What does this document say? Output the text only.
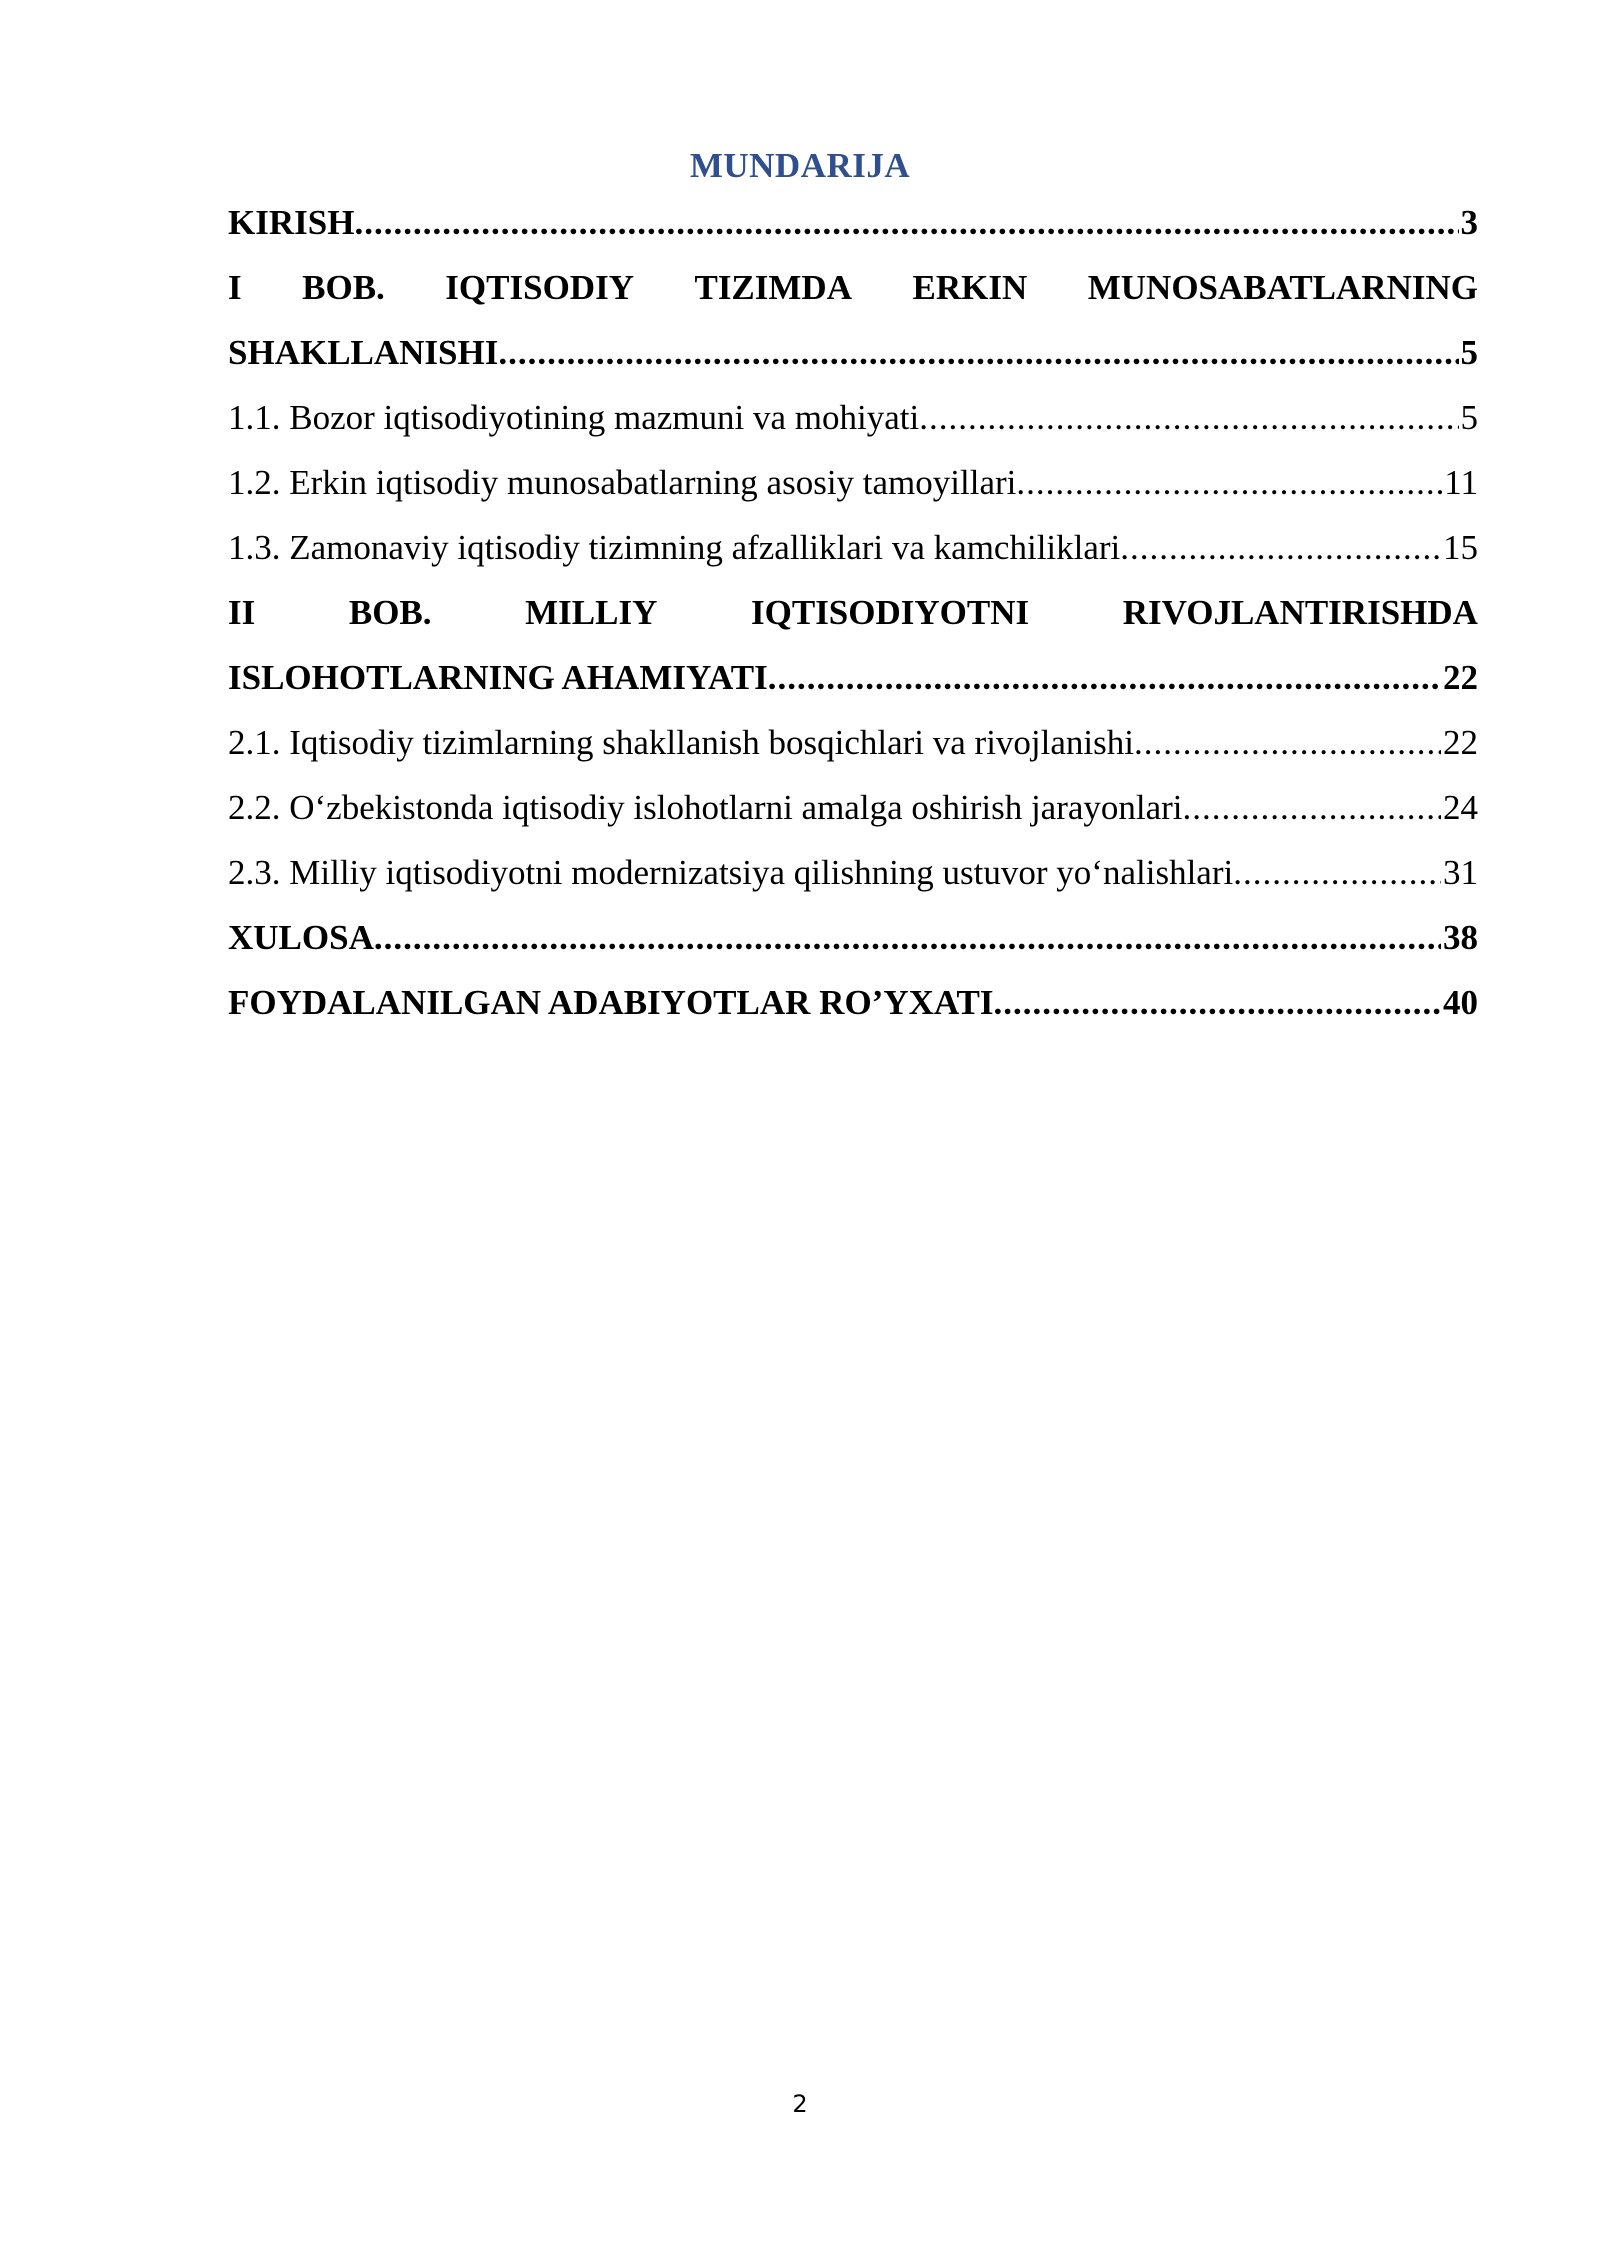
MUNDARIJA
KIRISH .....	3
I BOB. IQTISODIY TIZIMDA ERKIN MUNOSABATLARNING
SHAKLLANISHI .....	5
1.1. Bozor iqtisodiyotining mazmuni va mohiyati .....	5
1.2. Erkin iqtisodiy munosabatlarning asosiy tamoyillari .....	11
1.3. Zamonaviy iqtisodiy tizimning afzalliklari va kamchiliklari .....	15
II	BOB.	MILLIY	IQTISODIYOTNI	RIVOJLANTIRISHDA
ISLOHOTLARNING AHAMIYATI .....	22
2.1. Iqtisodiy tizimlarning shakllanish bosqichlari va rivojlanishi .....	22
2.2. O‘zbekistonda iqtisodiy islohotlarni amalga oshirish jarayonlari .....	24
2.3. Milliy iqtisodiyotni modernizatsiya qilishning ustuvor yo‘nalishlari .....	31
XULOSA .....	38
FOYDALANILGAN ADABIYOTLAR RO’YXATI .....	40
2
